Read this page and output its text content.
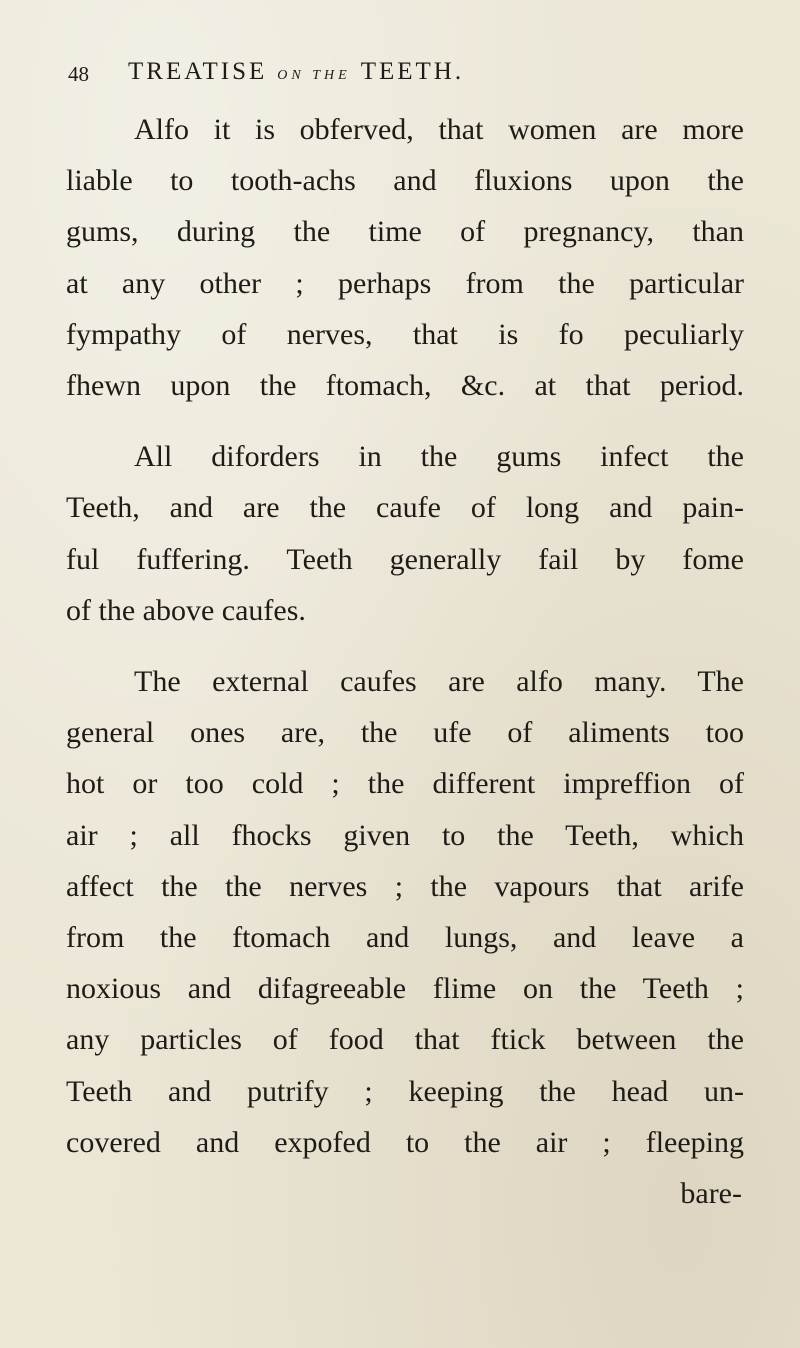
48 TREATISE ON THE TEETH.
Alfo it is obferved, that women are more
liable to tooth-achs and fluxions upon the
gums, during the time of pregnancy, than
at any other ; perhaps from the particular
fympathy of nerves, that is fo peculiarly
fhewn upon the ftomach, &c. at that period.
All diforders in the gums infect the
Teeth, and are the caufe of long and pain-
ful fuffering. Teeth generally fail by fome
of the above caufes.
The external caufes are alfo many. The
general ones are, the ufe of aliments too
hot or too cold ; the different impreffion of
air ; all fhocks given to the Teeth, which
affect the the nerves ; the vapours that arife
from the ftomach and lungs, and leave a
noxious and difagreeable flime on the Teeth ;
any particles of food that ftick between the
Teeth and putrify ; keeping the head un-
covered and expofed to the air ; fleeping
bare-
